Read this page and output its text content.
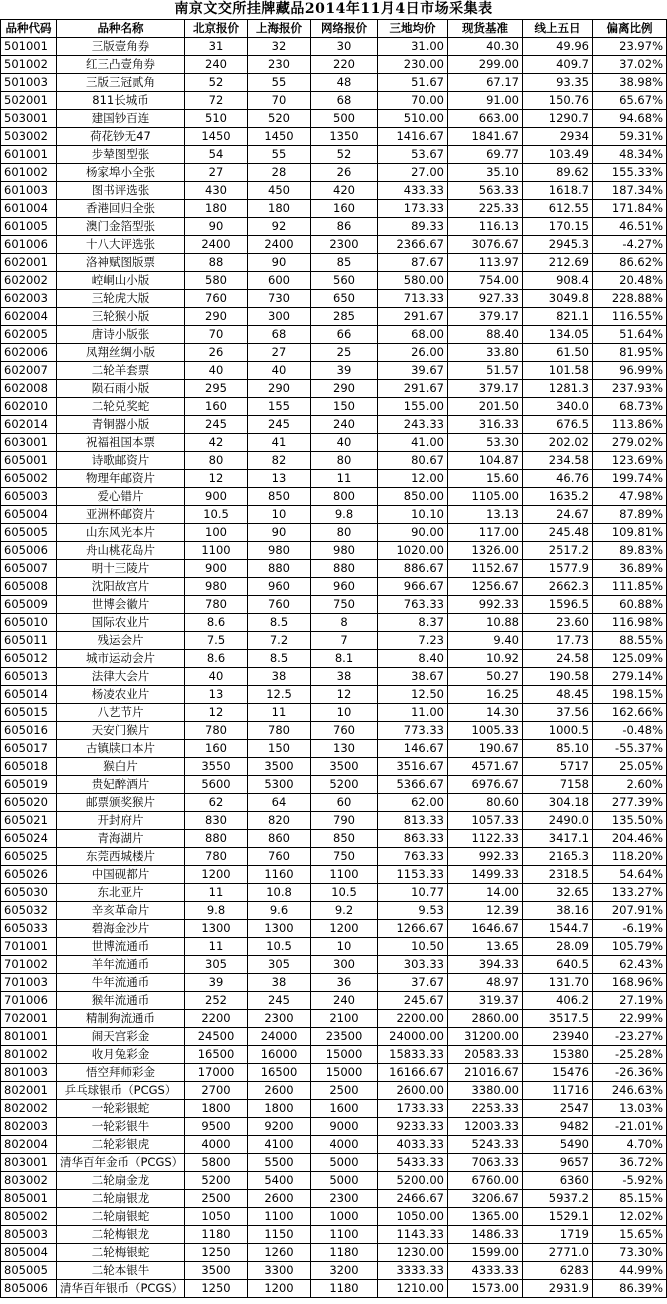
南京文交所挂牌藏品2014年11月4日市场采集表
品种代码	品种名称	北京报价	上海报价	网络报价	三地均价	现货基准	线上五日	偏离比例
501001	三版壹角券	31	32	30	31.00	40.30	49.96	23.97%
501002	红三凸壹角券	240	230	220	230.00	299.00	409.7	37.02%
501003	三版三冠贰角	52	55	48	51.67	67.17	93.35	38.98%
502001	811长城币	72	70	68	70.00	91.00	150.76	65.67%
503001	建国钞百连	510	520	500	510.00	663.00	1290.7	94.68%
503002	荷花钞无47	1450	1450	1350	1416.67	1841.67	2934	59.31%
601001	步辇图型张	54	55	52	53.67	69.77	103.49	48.34%
601002	杨家埠小全张	27	28	26	27.00	35.10	89.62	155.33%
601003	图书评选张	430	450	420	433.33	563.33	1618.7	187.34%
601004	香港回归全张	180	180	160	173.33	225.33	612.55	171.84%
601005	澳门金箔型张	90	92	86	89.33	116.13	170.15	46.51%
601006	十八大评选张	2400	2400	2300	2366.67	3076.67	2945.3	-4.27%
602001	洛神赋图版票	88	90	85	87.67	113.97	212.69	86.62%
602002	崆峒山小版	580	600	560	580.00	754.00	908.4	20.48%
602003	三轮虎大版	760	730	650	713.33	927.33	3049.8	228.88%
602004	三轮猴小版	290	300	285	291.67	379.17	821.1	116.55%
602005	唐诗小版张	70	68	66	68.00	88.40	134.05	51.64%
602006	凤翔丝绸小版	26	27	25	26.00	33.80	61.50	81.95%
602007	二轮羊套票	40	40	39	39.67	51.57	101.58	96.99%
602008	陨石雨小版	295	290	290	291.67	379.17	1281.3	237.93%
602010	二轮兑奖蛇	160	155	150	155.00	201.50	340.0	68.73%
602014	青铜器小版	245	245	240	243.33	316.33	676.5	113.86%
603001	祝福祖国本票	42	41	40	41.00	53.30	202.02	279.02%
605001	诗歌邮资片	80	82	80	80.67	104.87	234.58	123.69%
605002	物理年邮资片	12	13	11	12.00	15.60	46.76	199.74%
605003	爱心错片	900	850	800	850.00	1105.00	1635.2	47.98%
605004	亚洲杯邮资片	10.5	10	9.8	10.10	13.13	24.67	87.89%
605005	山东风光本片	100	90	80	90.00	117.00	245.48	109.81%
605006	舟山桃花岛片	1100	980	980	1020.00	1326.00	2517.2	89.83%
605007	明十三陵片	900	880	880	886.67	1152.67	1577.9	36.89%
605008	沈阳故宫片	980	960	960	966.67	1256.67	2662.3	111.85%
605009	世博会徽片	780	760	750	763.33	992.33	1596.5	60.88%
605010	国际农业片	8.6	8.5	8	8.37	10.88	23.60	116.98%
605011	残运会片	7.5	7.2	7	7.23	9.40	17.73	88.55%
605012	城市运动会片	8.6	8.5	8.1	8.40	10.92	24.58	125.09%
605013	法律大会片	40	38	38	38.67	50.27	190.58	279.14%
605014	杨凌农业片	13	12.5	12	12.50	16.25	48.45	198.15%
605015	八艺节片	12	11	10	11.00	14.30	37.56	162.66%
605016	天安门猴片	780	780	760	773.33	1005.33	1000.5	-0.48%
605017	古镇牍口本片	160	150	130	146.67	190.67	85.10	-55.37%
605018	猴白片	3550	3500	3500	3516.67	4571.67	5717	25.05%
605019	贵妃醉酒片	5600	5300	5200	5366.67	6976.67	7158	2.60%
605020	邮票颁奖猴片	62	64	60	62.00	80.60	304.18	277.39%
605021	开封府片	830	820	790	813.33	1057.33	2490.0	135.50%
605024	青海湖片	880	860	850	863.33	1122.33	3417.1	204.46%
605025	东莞西城楼片	780	760	750	763.33	992.33	2165.3	118.20%
605026	中国砚都片	1200	1160	1100	1153.33	1499.33	2318.5	54.64%
605030	东北亚片	11	10.8	10.5	10.77	14.00	32.65	133.27%
605032	辛亥革命片	9.8	9.6	9.2	9.53	12.39	38.16	207.91%
605033	碧海金沙片	1300	1300	1200	1266.67	1646.67	1544.7	-6.19%
701001	世博流通币	11	10.5	10	10.50	13.65	28.09	105.79%
701002	羊年流通币	305	305	300	303.33	394.33	640.5	62.43%
701003	牛年流通币	39	38	36	37.67	48.97	131.70	168.96%
701006	猴年流通币	252	245	240	245.67	319.37	406.2	27.19%
702001	精制狗流通币	2200	2300	2100	2200.00	2860.00	3517.5	22.99%
801001	闹天宫彩金	24500	24000	23500	24000.00	31200.00	23940	-23.27%
801002	收月兔彩金	16500	16000	15000	15833.33	20583.33	15380	-25.28%
801003	悟空拜师彩金	17000	16500	15000	16166.67	21016.67	15476	-26.36%
802001	乒乓球银币（PCGS）	2700	2600	2500	2600.00	3380.00	11716	246.63%
802002	一轮彩银蛇	1800	1800	1600	1733.33	2253.33	2547	13.03%
802003	一轮彩银牛	9500	9200	9000	9233.33	12003.33	9482	-21.01%
802004	二轮彩银虎	4000	4100	4000	4033.33	5243.33	5490	4.70%
803001	清华百年金币（PCGS）	5800	5500	5000	5433.33	7063.33	9657	36.72%
803002	二轮扇金龙	5200	5400	5000	5200.00	6760.00	6360	-5.92%
805001	二轮扇银龙	2500	2600	2300	2466.67	3206.67	5937.2	85.15%
805002	二轮扇银蛇	1050	1100	1000	1050.00	1365.00	1529.1	12.02%
805003	二轮梅银龙	1180	1150	1100	1143.33	1486.33	1719	15.65%
805004	二轮梅银蛇	1250	1260	1180	1230.00	1599.00	2771.0	73.30%
805005	二轮本银牛	3500	3300	3200	3333.33	4333.33	6283	44.99%
805006	清华百年银币（PCGS）	1250	1200	1180	1210.00	1573.00	2931.9	86.39%
